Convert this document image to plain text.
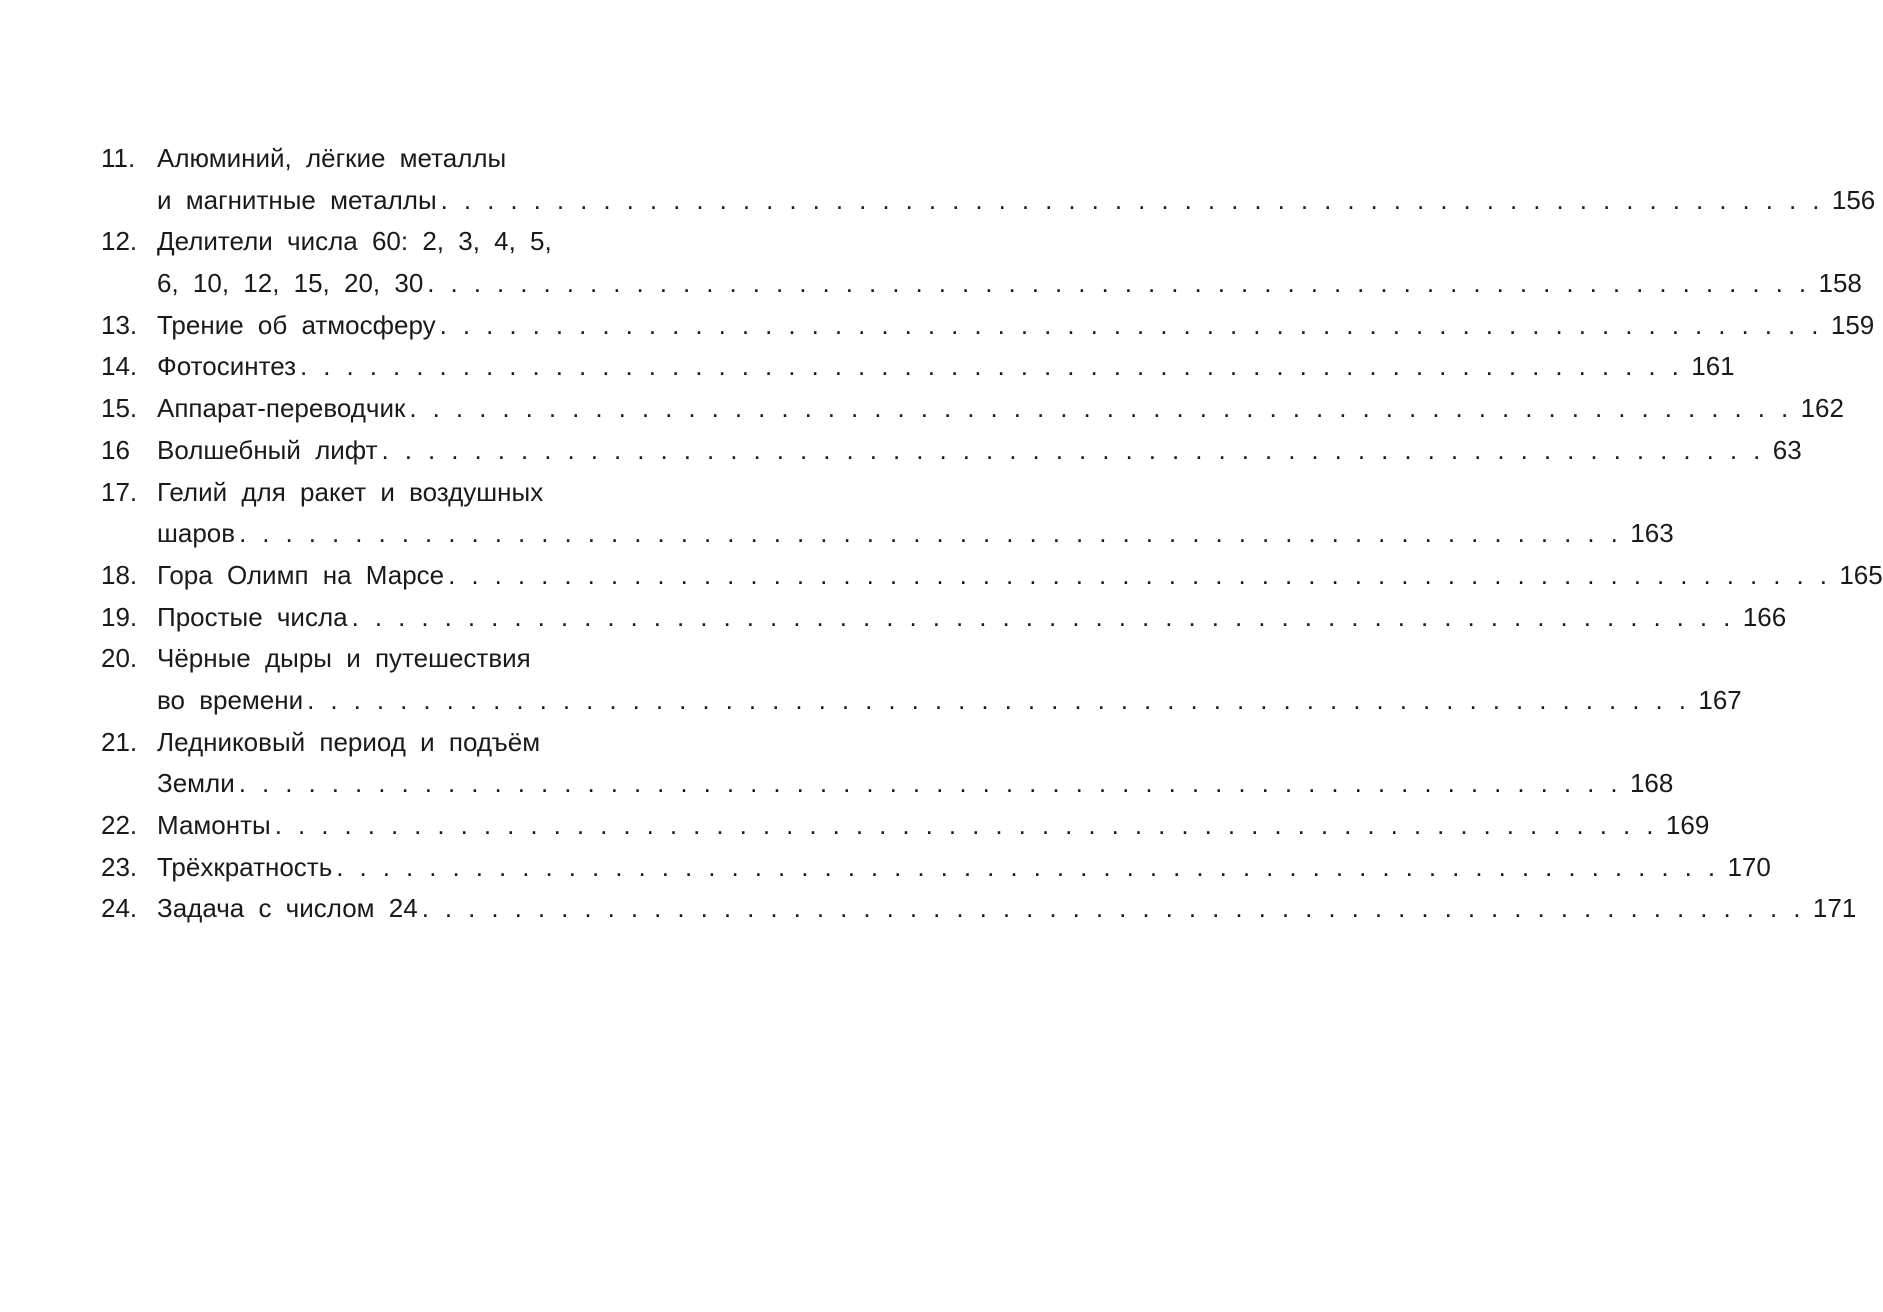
11. Алюминий, лёгкие металлы
и магнитные металлы . . . . . . . . . . . . . . . . . . . . . . . . . . . . . . . . . . . . . . . . . . . . . . . . . . . . . . . . . . . . 156
12. Делители числа 60: 2, 3, 4, 5,
6, 10, 12, 15, 20, 30 . . . . . . . . . . . . . . . . . . . . . . . . . . . . . . . . . . . . . . . . . . . . . . . . . . . . . . . . . . . . 158
13. Трение об атмосферу . . . . . . . . . . . . . . . . . . . . . . . . . . . . . . . . . . . . . . . . . . . . . . . . . . . . . . . . . . . . 159
14. Фотосинтез . . . . . . . . . . . . . . . . . . . . . . . . . . . . . . . . . . . . . . . . . . . . . . . . . . . . . . . . . . . . 161
15. Аппарат-переводчик . . . . . . . . . . . . . . . . . . . . . . . . . . . . . . . . . . . . . . . . . . . . . . . . . . . . . . . . . . . . 162
16 Волшебный лифт . . . . . . . . . . . . . . . . . . . . . . . . . . . . . . . . . . . . . . . . . . . . . . . . . . . . . . . . . . . . 63
17. Гелий для ракет и воздушных
шаров . . . . . . . . . . . . . . . . . . . . . . . . . . . . . . . . . . . . . . . . . . . . . . . . . . . . . . . . . . . . 163
18. Гора Олимп на Марсе . . . . . . . . . . . . . . . . . . . . . . . . . . . . . . . . . . . . . . . . . . . . . . . . . . . . . . . . . . . . 165
19. Простые числа . . . . . . . . . . . . . . . . . . . . . . . . . . . . . . . . . . . . . . . . . . . . . . . . . . . . . . . . . . . . 166
20. Чёрные дыры и путешествия
во времени . . . . . . . . . . . . . . . . . . . . . . . . . . . . . . . . . . . . . . . . . . . . . . . . . . . . . . . . . . . . 167
21. Ледниковый период и подъём
Земли . . . . . . . . . . . . . . . . . . . . . . . . . . . . . . . . . . . . . . . . . . . . . . . . . . . . . . . . . . . . 168
22. Мамонты . . . . . . . . . . . . . . . . . . . . . . . . . . . . . . . . . . . . . . . . . . . . . . . . . . . . . . . . . . . . 169
23. Трёхкратность . . . . . . . . . . . . . . . . . . . . . . . . . . . . . . . . . . . . . . . . . . . . . . . . . . . . . . . . . . . . 170
24. Задача с числом 24 . . . . . . . . . . . . . . . . . . . . . . . . . . . . . . . . . . . . . . . . . . . . . . . . . . . . . . . . . . . . 171
